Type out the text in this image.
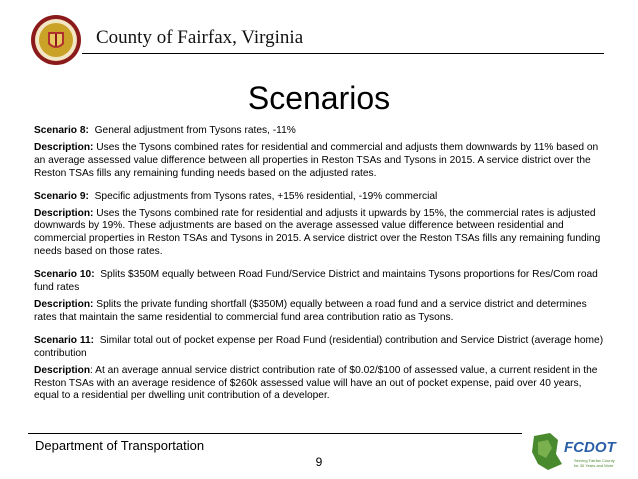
County of Fairfax, Virginia
Scenarios

Scenario 8: General adjustment from Tysons rates, -11%

Description: Uses the Tysons combined rates for residential and commercial and adjusts them downwards by 11% based on an average assessed value difference between all properties in Reston TSAs and Tysons in 2015. A service district over the Reston TSAs fills any remaining funding needs based on the adjusted rates.

Scenario 9: Specific adjustments from Tysons rates, +15% residential, -19% commercial

Description: Uses the Tysons combined rate for residential and adjusts it upwards by 15%, the commercial rates is adjusted downwards by 19%. These adjustments are based on the average assessed value difference between residential and commercial properties in Reston TSAs and Tysons in 2015. A service district over the Reston TSAs fills any remaining funding needs based on those rates.

Scenario 10: Splits $350M equally between Road Fund/Service District and maintains Tysons proportions for Res/Com road fund rates

Description: Splits the private funding shortfall ($350M) equally between a road fund and a service district and determines rates that maintain the same residential to commercial fund area contribution ratio as Tysons.

Scenario 11: Similar total out of pocket expense per Road Fund (residential) contribution and Service District (average home) contribution

Description: At an average annual service district contribution rate of $0.02/$100 of assessed value, a current resident in the Reston TSAs with an average residence of $260k assessed value will have an out of pocket expense, paid over 40 years, equal to a residential per dwelling unit contribution of a developer.

Department of Transportation
9
FCDOT
Serving Fairfax County
for 30 Years and More
